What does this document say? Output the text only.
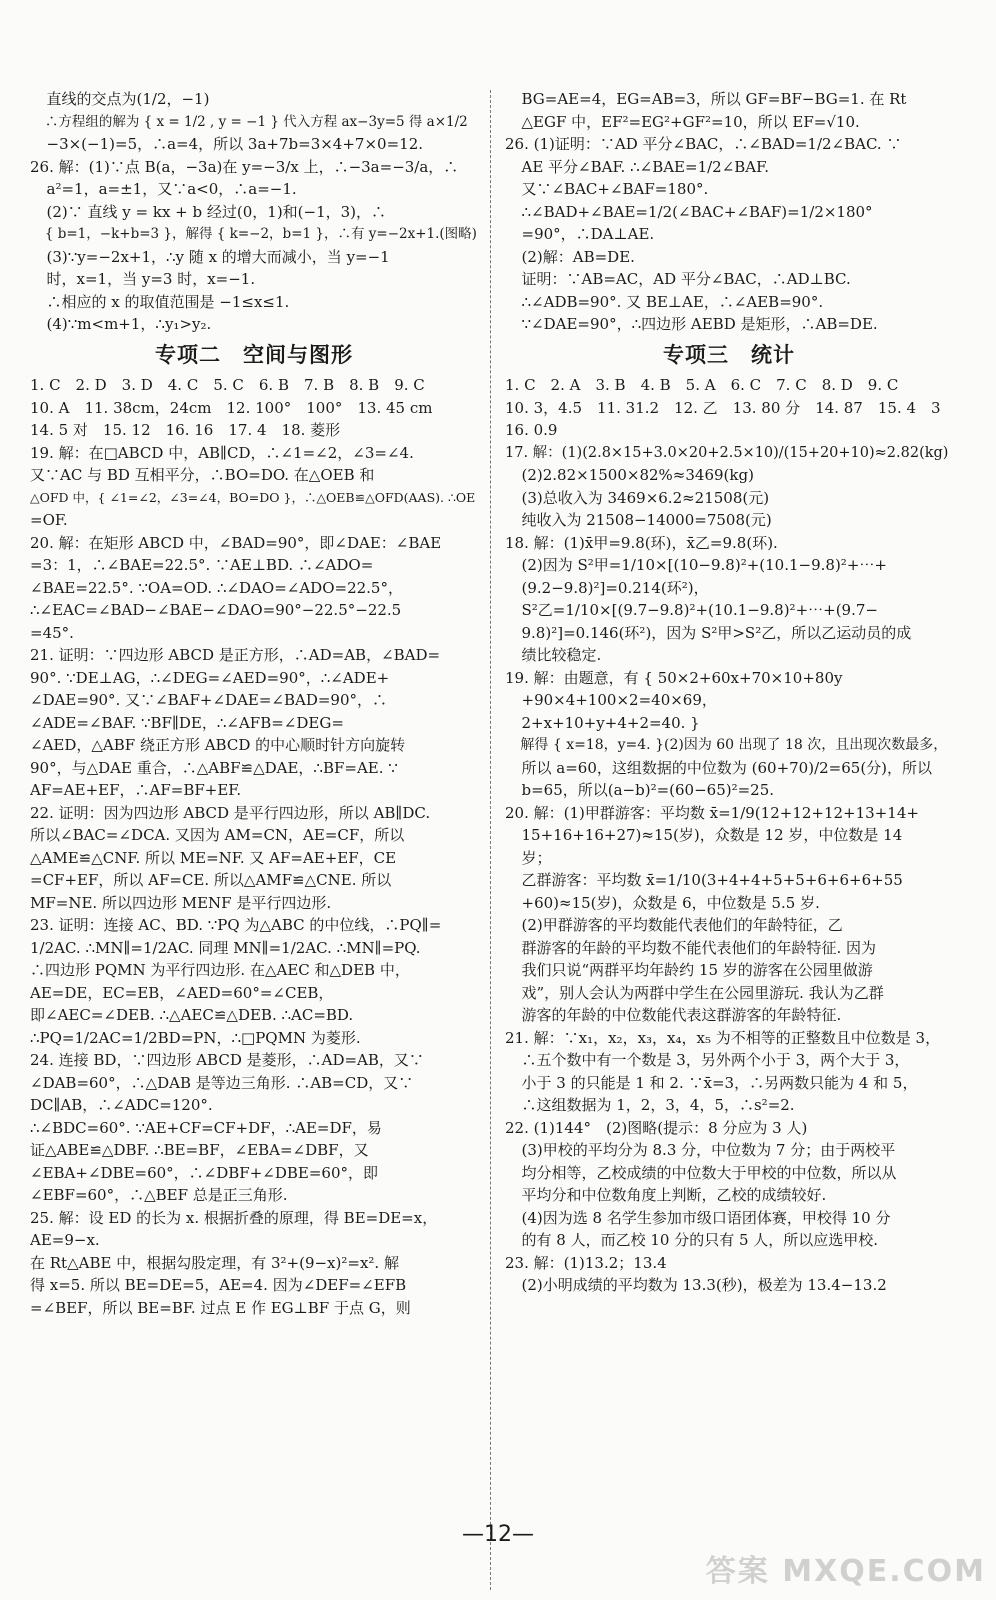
直线的交点为(1/2，−1)
∴方程组的解为 { x = 1/2 , y = −1 } 代入方程 ax−3y=5 得 a×1/2
−3×(−1)=5，∴a=4，所以 3a+7b=3×4+7×0=12.
26. 解：(1)∵点 B(a，−3a)在 y=−3/x 上，∴−3a=−3/a，∴
a²=1，a=±1，又∵a<0，∴a=−1.
(2)∵ 直线 y = kx + b 经过(0，1)和(−1，3)，∴
{ b=1，−k+b=3 }，解得 { k=−2，b=1 }，∴有 y=−2x+1.(图略)
(3)∵y=−2x+1，∴y 随 x 的增大而减小，当 y=−1
时，x=1，当 y=3 时，x=−1.
∴相应的 x 的取值范围是 −1≤x≤1.
(4)∵m<m+1，∴y₁>y₂.
专项二　空间与图形
1. C　2. D　3. D　4. C　5. C　6. B　7. B　8. B　9. C
10. A　11. 38cm，24cm　12. 100°　100°　13. 45 cm
14. 5 对　15. 12　16. 16　17. 4　18. 菱形
19. 解：在□ABCD 中，AB∥CD，∴∠1=∠2，∠3=∠4.
又∵AC 与 BD 互相平分，∴BO=DO. 在△OEB 和
△OFD 中，{ ∠1=∠2，∠3=∠4，BO=DO }，∴△OEB≌△OFD(AAS). ∴OE
=OF.
20. 解：在矩形 ABCD 中，∠BAD=90°，即∠DAE：∠BAE
=3：1，∴∠BAE=22.5°. ∵AE⊥BD. ∴∠ADO=
∠BAE=22.5°. ∵OA=OD. ∴∠DAO=∠ADO=22.5°，
∴∠EAC=∠BAD−∠BAE−∠DAO=90°−22.5°−22.5
=45°.
21. 证明：∵四边形 ABCD 是正方形，∴AD=AB，∠BAD=
90°. ∵DE⊥AG，∴∠DEG=∠AED=90°，∴∠ADE+
∠DAE=90°. 又∵∠BAF+∠DAE=∠BAD=90°，∴
∠ADE=∠BAF. ∵BF∥DE，∴∠AFB=∠DEG=
∠AED，△ABF 绕正方形 ABCD 的中心顺时针方向旋转
90°，与△DAE 重合，∴△ABF≌△DAE，∴BF=AE. ∵
AF=AE+EF，∴AF=BF+EF.
22. 证明：因为四边形 ABCD 是平行四边形，所以 AB∥DC.
所以∠BAC=∠DCA. 又因为 AM=CN，AE=CF，所以
△AME≌△CNF. 所以 ME=NF. 又 AF=AE+EF，CE
=CF+EF，所以 AF=CE. 所以△AMF≌△CNE. 所以
MF=NE. 所以四边形 MENF 是平行四边形.
23. 证明：连接 AC、BD. ∵PQ 为△ABC 的中位线，∴PQ∥=
1/2AC. ∴MN∥=1/2AC. 同理 MN∥=1/2AC. ∴MN∥=PQ.
∴四边形 PQMN 为平行四边形. 在△AEC 和△DEB 中，
AE=DE，EC=EB，∠AED=60°=∠CEB，
即∠AEC=∠DEB. ∴△AEC≌△DEB. ∴AC=BD.
∴PQ=1/2AC=1/2BD=PN，∴□PQMN 为菱形.
24. 连接 BD，∵四边形 ABCD 是菱形，∴AD=AB，又∵
∠DAB=60°，∴△DAB 是等边三角形. ∴AB=CD，又∵
DC∥AB，∴∠ADC=120°.
∴∠BDC=60°. ∵AE+CF=CF+DF，∴AE=DF，易
证△ABE≌△DBF. ∴BE=BF，∠EBA=∠DBF，又
∠EBA+∠DBE=60°，∴∠DBF+∠DBE=60°，即
∠EBF=60°，∴△BEF 总是正三角形.
25. 解：设 ED 的长为 x. 根据折叠的原理，得 BE=DE=x，
AE=9−x.
在 Rt△ABE 中，根据勾股定理，有 3²+(9−x)²=x². 解
得 x=5. 所以 BE=DE=5，AE=4. 因为∠DEF=∠EFB
=∠BEF，所以 BE=BF. 过点 E 作 EG⊥BF 于点 G，则
BG=AE=4，EG=AB=3，所以 GF=BF−BG=1. 在 Rt
△EGF 中，EF²=EG²+GF²=10，所以 EF=√10.
26. (1)证明：∵AD 平分∠BAC，∴∠BAD=1/2∠BAC. ∵
AE 平分∠BAF. ∴∠BAE=1/2∠BAF.
又∵∠BAC+∠BAF=180°.
∴∠BAD+∠BAE=1/2(∠BAC+∠BAF)=1/2×180°
=90°，∴DA⊥AE.
(2)解：AB=DE.
证明：∵AB=AC，AD 平分∠BAC，∴AD⊥BC.
∴∠ADB=90°. 又 BE⊥AE，∴∠AEB=90°.
∵∠DAE=90°，∴四边形 AEBD 是矩形，∴AB=DE.
专项三　统计
1. C　2. A　3. B　4. B　5. A　6. C　7. C　8. D　9. C
10. 3，4.5　11. 31.2　12. 乙　13. 80 分　14. 87　15. 4　3
16. 0.9
17. 解：(1)(2.8×15+3.0×20+2.5×10)/(15+20+10)≈2.82(kg)
(2)2.82×1500×82%≈3469(kg)
(3)总收入为 3469×6.2≈21508(元)
纯收入为 21508−14000=7508(元)
18. 解：(1)x̄甲=9.8(环)，x̄乙=9.8(环).
(2)因为 S²甲=1/10×[(10−9.8)²+(10.1−9.8)²+⋯+
(9.2−9.8)²]=0.214(环²)，
S²乙=1/10×[(9.7−9.8)²+(10.1−9.8)²+⋯+(9.7−
9.8)²]=0.146(环²)，因为 S²甲>S²乙，所以乙运动员的成
绩比较稳定.
19. 解：由题意，有 { 50×2+60x+70×10+80y
+90×4+100×2=40×69，
2+x+10+y+4+2=40. }
解得 { x=18，y=4. }(2)因为 60 出现了 18 次，且出现次数最多，
所以 a=60，这组数据的中位数为 (60+70)/2=65(分)，所以
b=65，所以(a−b)²=(60−65)²=25.
20. 解：(1)甲群游客：平均数 x̄=1/9(12+12+12+13+14+
15+16+16+27)≈15(岁)，众数是 12 岁，中位数是 14
岁；
乙群游客：平均数 x̄=1/10(3+4+4+5+5+6+6+6+55
+60)≈15(岁)，众数是 6，中位数是 5.5 岁.
(2)甲群游客的平均数能代表他们的年龄特征，乙
群游客的年龄的平均数不能代表他们的年龄特征. 因为
我们只说“两群平均年龄约 15 岁的游客在公园里做游
戏”，别人会认为两群中学生在公园里游玩. 我认为乙群
游客的年龄的中位数能代表这群游客的年龄特征.
21. 解：∵x₁，x₂，x₃，x₄，x₅ 为不相等的正整数且中位数是 3，
∴五个数中有一个数是 3，另外两个小于 3，两个大于 3，
小于 3 的只能是 1 和 2. ∵x̄=3，∴另两数只能为 4 和 5，
∴这组数据为 1，2，3，4，5，∴s²=2.
22. (1)144°　(2)图略(提示：8 分应为 3 人)
(3)甲校的平均分为 8.3 分，中位数为 7 分；由于两校平
均分相等，乙校成绩的中位数大于甲校的中位数，所以从
平均分和中位数角度上判断，乙校的成绩较好.
(4)因为选 8 名学生参加市级口语团体赛，甲校得 10 分
的有 8 人，而乙校 10 分的只有 5 人，所以应选甲校.
23. 解：(1)13.2；13.4
(2)小明成绩的平均数为 13.3(秒)，极差为 13.4−13.2
—12—
答案 MXQE.COM
